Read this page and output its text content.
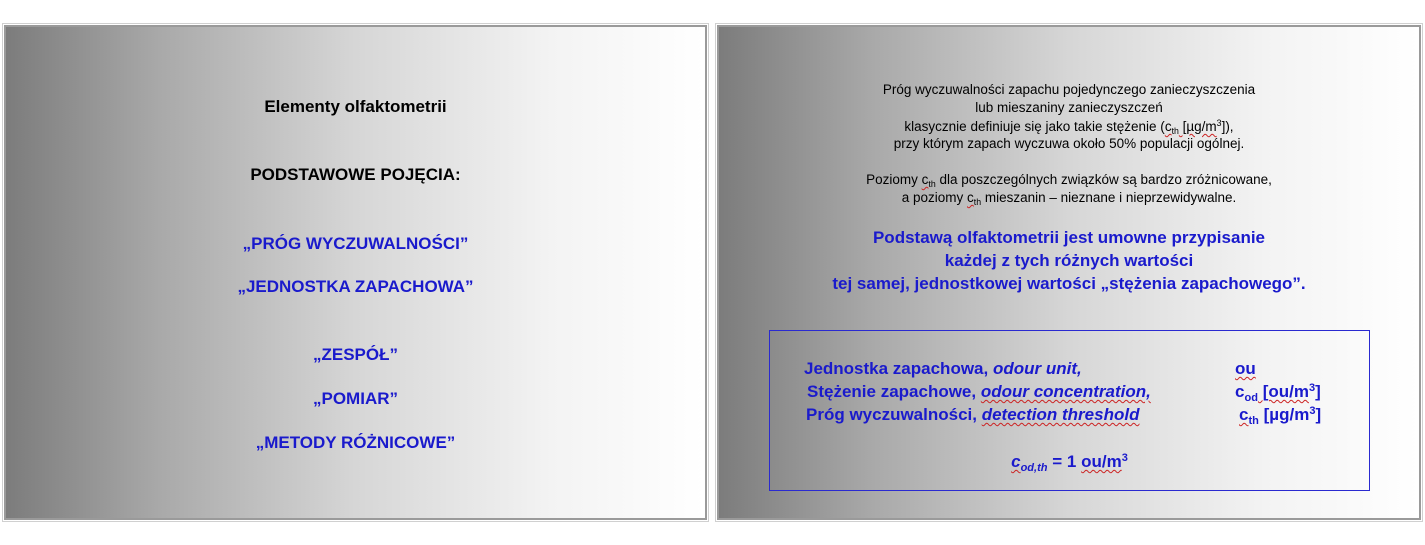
Elementy olfaktometrii
PODSTAWOWE POJĘCIA:
„PRÓG WYCZUWALNOŚCI”
„JEDNOSTKA ZAPACHOWA”
„ZESPÓŁ”
„POMIAR”
„METODY RÓŻNICOWE”
Próg wyczuwalności zapachu pojedynczego zanieczyszczenia
lub mieszaniny zanieczyszczeń
klasycznie definiuje się jako takie stężenie ($c_{th}$ $[\mu g/m^3]$),
przy którym zapach wyczuwa około 50% populacji ogólnej.
Poziomy $c_{th}$ dla poszczególnych związków są bardzo zróżnicowane,
a poziomy $c_{th}$ mieszanin – nieznane i nieprzewidywalne.
Podstawą olfaktometrii jest umowne przypisanie
każdej z tych różnych wartości
tej samej, jednostkowej wartości „stężenia zapachowego”.
Jednostka zapachowa, odour unit,	ou
Stężenie zapachowe, odour concentration,	$c_{od}$ $[ou/m^3]$
Próg wyczuwalności, detection threshold	$c_{th}$ $[\mu g/m^3]$
$c_{od,th} = 1$ $ou/m^3$
